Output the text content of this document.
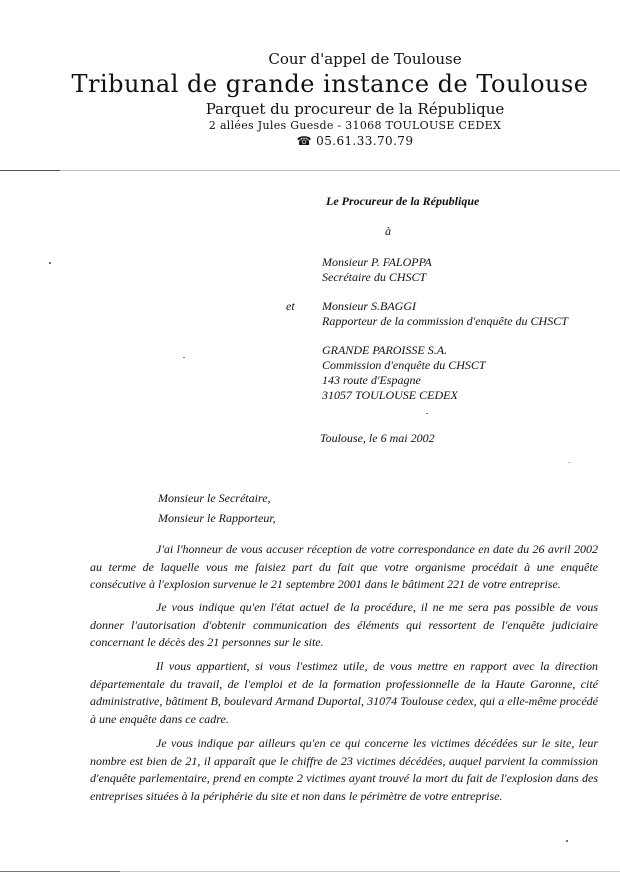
Cour d'appel de Toulouse
Tribunal de grande instance de Toulouse
Parquet du procureur de la République
2 allées Jules Guesde - 31068 TOULOUSE CEDEX
☎ 05.61.33.70.79
Le Procureur de la République
à
Monsieur P. FALOPPA
Secrétaire du CHSCT
et Monsieur S.BAGGI
Rapporteur de la commission d'enquête du CHSCT
GRANDE PAROISSE S.A.
Commission d'enquête du CHSCT
143 route d'Espagne
31057 TOULOUSE CEDEX
Toulouse, le 6 mai 2002
Monsieur le Secrétaire,
Monsieur le Rapporteur,
J'ai l'honneur de vous accuser réception de votre correspondance en date du 26 avril 2002 au terme de laquelle vous me faisiez part du fait que votre organisme procédait à une enquête consécutive à l'explosion survenue le 21 septembre 2001 dans le bâtiment 221 de votre entreprise.
Je vous indique qu'en l'état actuel de la procédure, il ne me sera pas possible de vous donner l'autorisation d'obtenir communication des éléments qui ressortent de l'enquête judiciaire concernant le décès des 21 personnes sur le site.
Il vous appartient, si vous l'estimez utile, de vous mettre en rapport avec la direction départementale du travail, de l'emploi et de la formation professionnelle de la Haute Garonne, cité administrative, bâtiment B, boulevard Armand Duportal, 31074 Toulouse cedex, qui a elle-même procédé à une enquête dans ce cadre.
Je vous indique par ailleurs qu'en ce qui concerne les victimes décédées sur le site, leur nombre est bien de 21, il apparaît que le chiffre de 23 victimes décédées, auquel parvient la commission d'enquête parlementaire, prend en compte 2 victimes ayant trouvé la mort du fait de l'explosion dans des entreprises situées à la périphérie du site et non dans le périmètre de votre entreprise.
